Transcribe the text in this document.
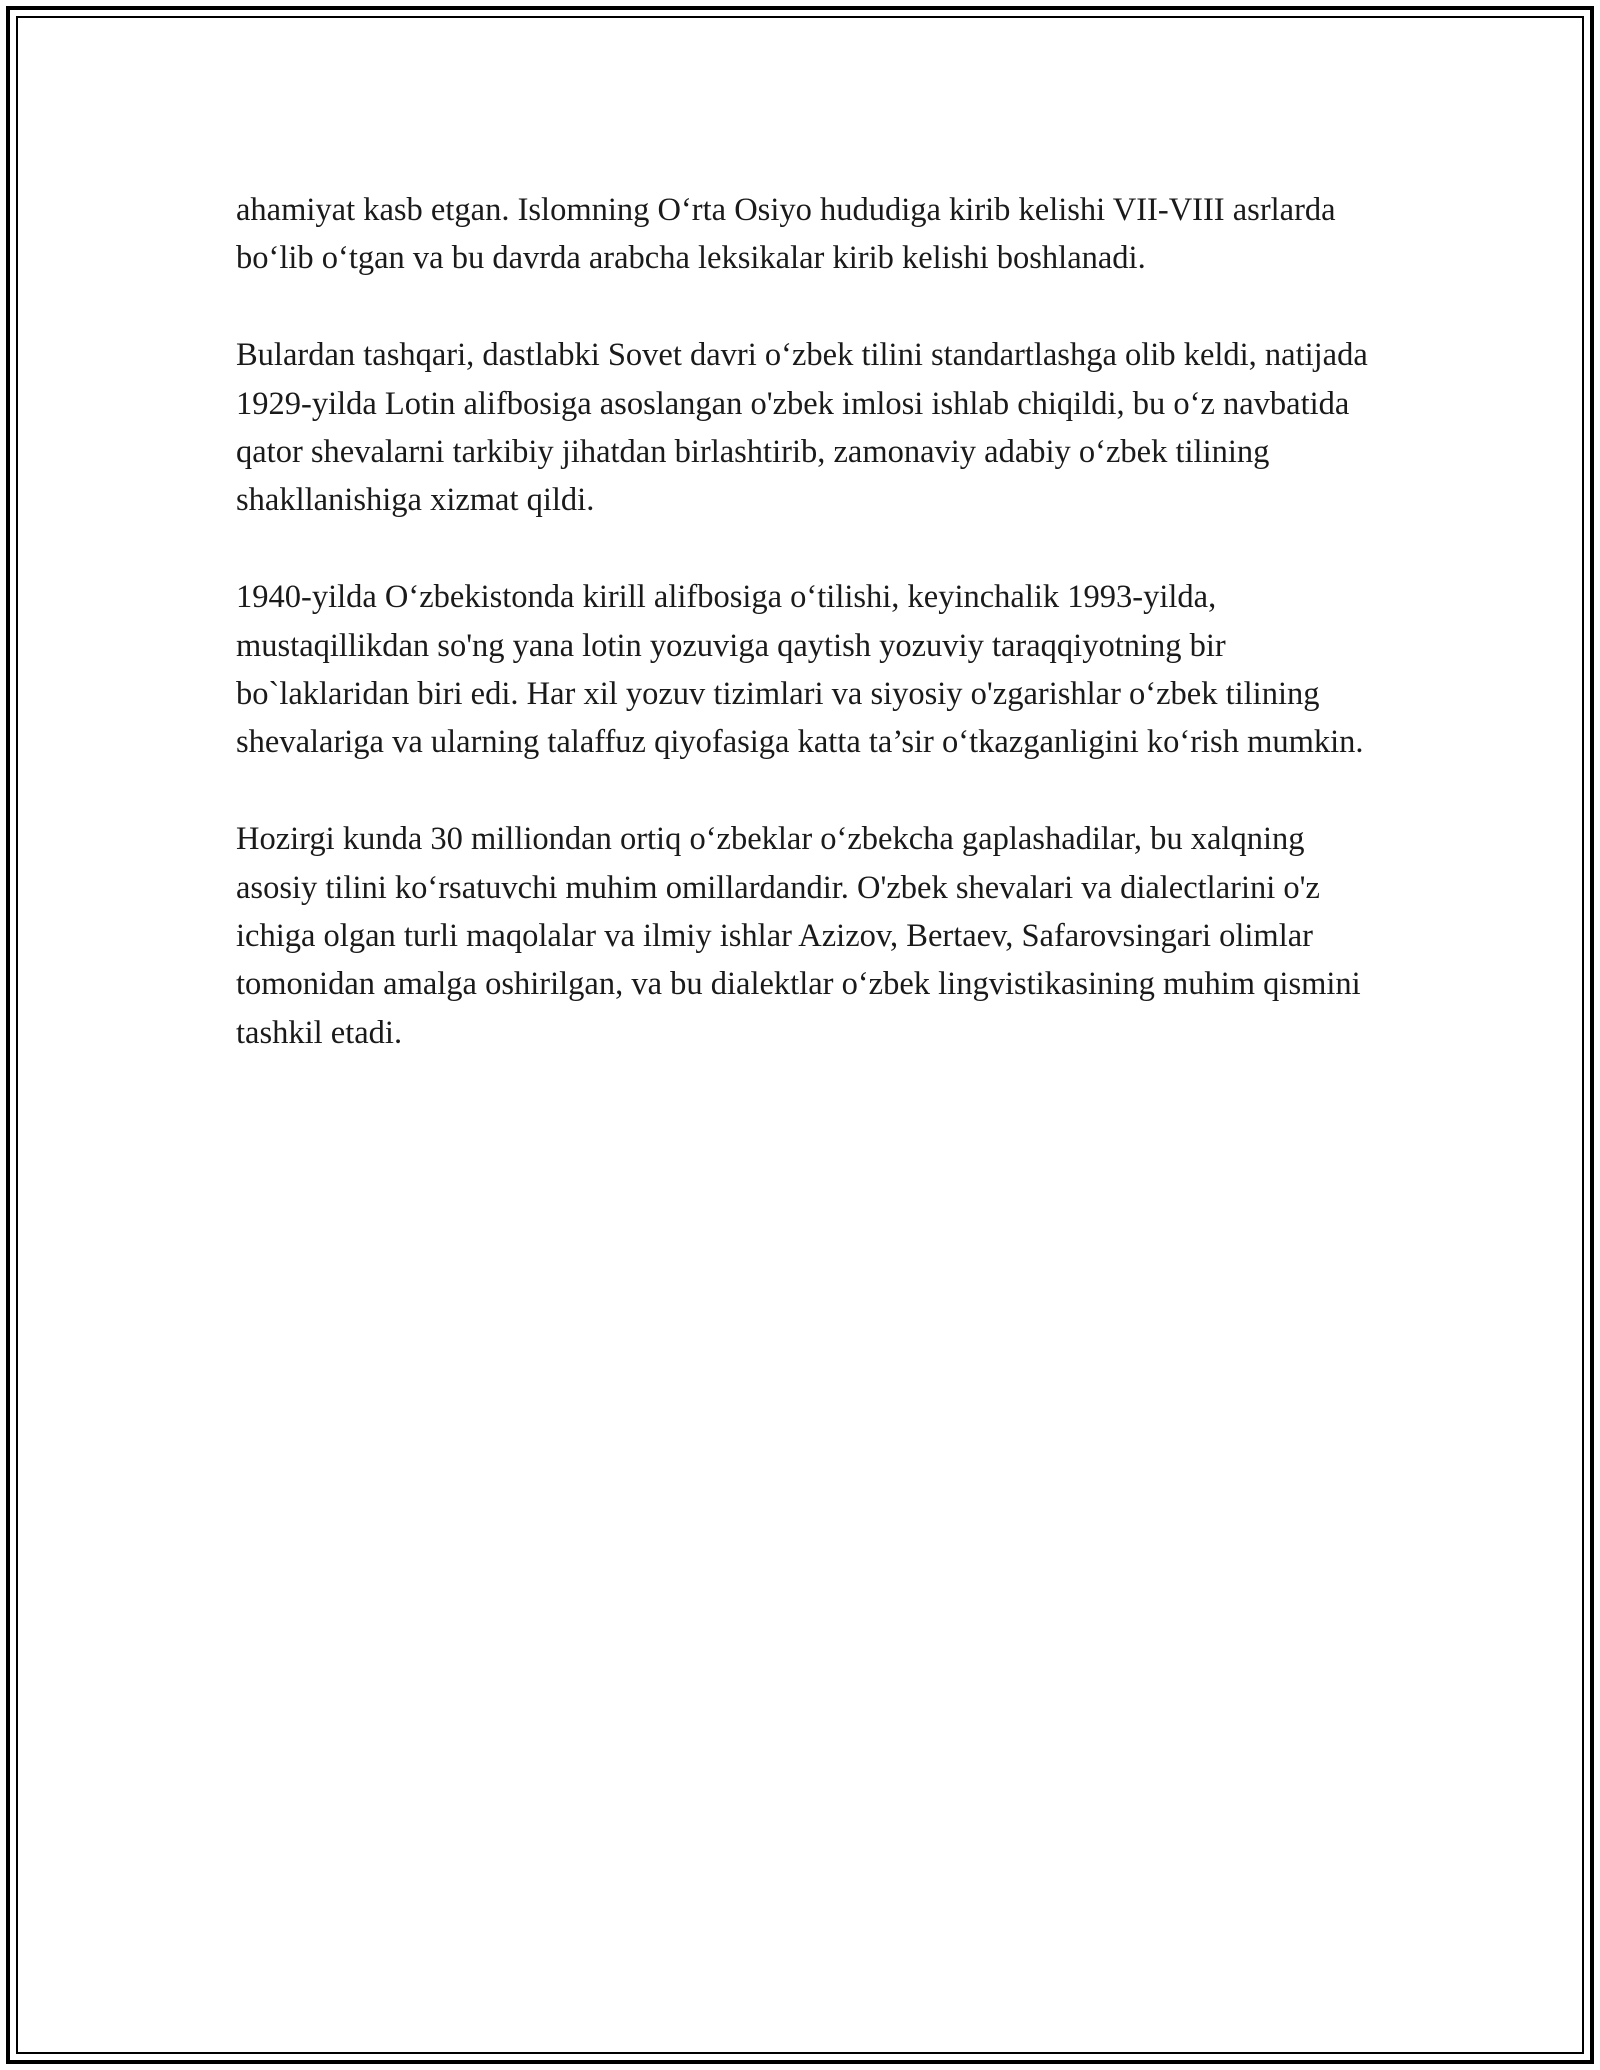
ahamiyat kasb etgan. Islomning O‘rta Osiyo hududiga kirib kelishi VII-VIII asrlarda bo‘lib o‘tgan va bu davrda arabcha leksikalar kirib kelishi boshlanadi.

Bulardan tashqari, dastlabki Sovet davri o‘zbek tilini standartlashga olib keldi, natijada 1929-yilda Lotin alifbosiga asoslangan o'zbek imlosi ishlab chiqildi, bu o‘z navbatida qator shevalarni tarkibiy jihatdan birlashtirib, zamonaviy adabiy o‘zbek tilining shakllanishiga xizmat qildi.

1940-yilda O‘zbekistonda kirill alifbosiga o‘tilishi, keyinchalik 1993-yilda, mustaqillikdan so'ng yana lotin yozuviga qaytish yozuviy taraqqiyotning bir bo`laklaridan biri edi. Har xil yozuv tizimlari va siyosiy o'zgarishlar o‘zbek tilining shevalariga va ularning talaffuz qiyofasiga katta ta’sir o‘tkazganligini ko‘rish mumkin.

Hozirgi kunda 30 milliondan ortiq o‘zbeklar o‘zbekcha gaplashadilar, bu xalqning asosiy tilini ko‘rsatuvchi muhim omillardandir. O'zbek shevalari va dialectlarini o'z ichiga olgan turli maqolalar va ilmiy ishlar Azizov, Bertaev, Safarovsingari olimlar tomonidan amalga oshirilgan, va bu dialektlar o‘zbek lingvistikasining muhim qismini tashkil etadi.
